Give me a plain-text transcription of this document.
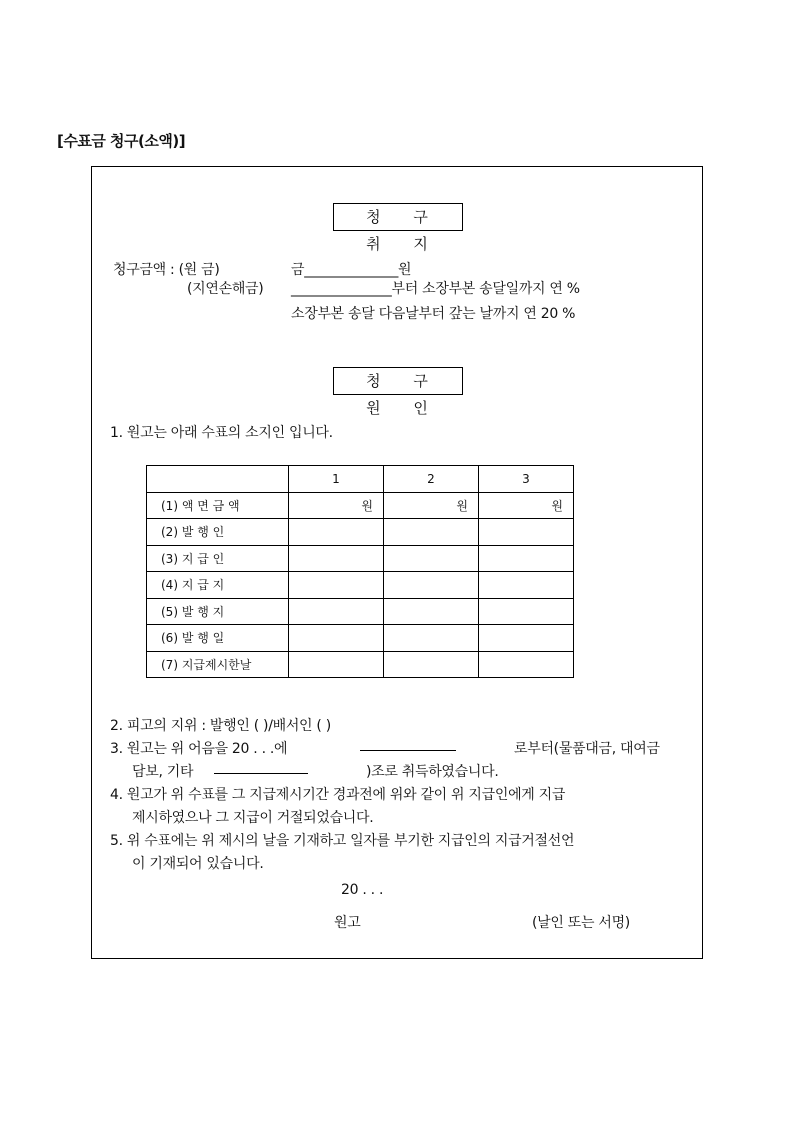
[수표금 청구(소액)]
청 구 취 지
청구금액 : (원 금)	금______________원
(지연손해금) _______________부터 소장부본 송달일까지 연 %
소장부본 송달 다음날부터 갚는 날까지 연 20 %
청 구 원 인
1. 원고는 아래 수표의 소지인 입니다.
	1	2	3
(1) 액 면 금 액	원	원	원
(2) 발 행 인			
(3) 지 급 인			
(4) 지 급 지			
(5) 발 행 지			
(6) 발 행 일			
(7) 지급제시한날			
2. 피고의 지위 : 발행인 ( )/배서인 ( )
3. 원고는 위 어음을 20 . . .에	로부터(물품대금, 대여금
담보, 기타	)조로 취득하였습니다.
4. 원고가 위 수표를 그 지급제시기간 경과전에 위와 같이 위 지급인에게 지급
제시하였으나 그 지급이 거절되었습니다.
5. 위 수표에는 위 제시의 날을 기재하고 일자를 부기한 지급인의 지급거절선언
이 기재되어 있습니다.
20 . . .
원고	(날인 또는 서명)
